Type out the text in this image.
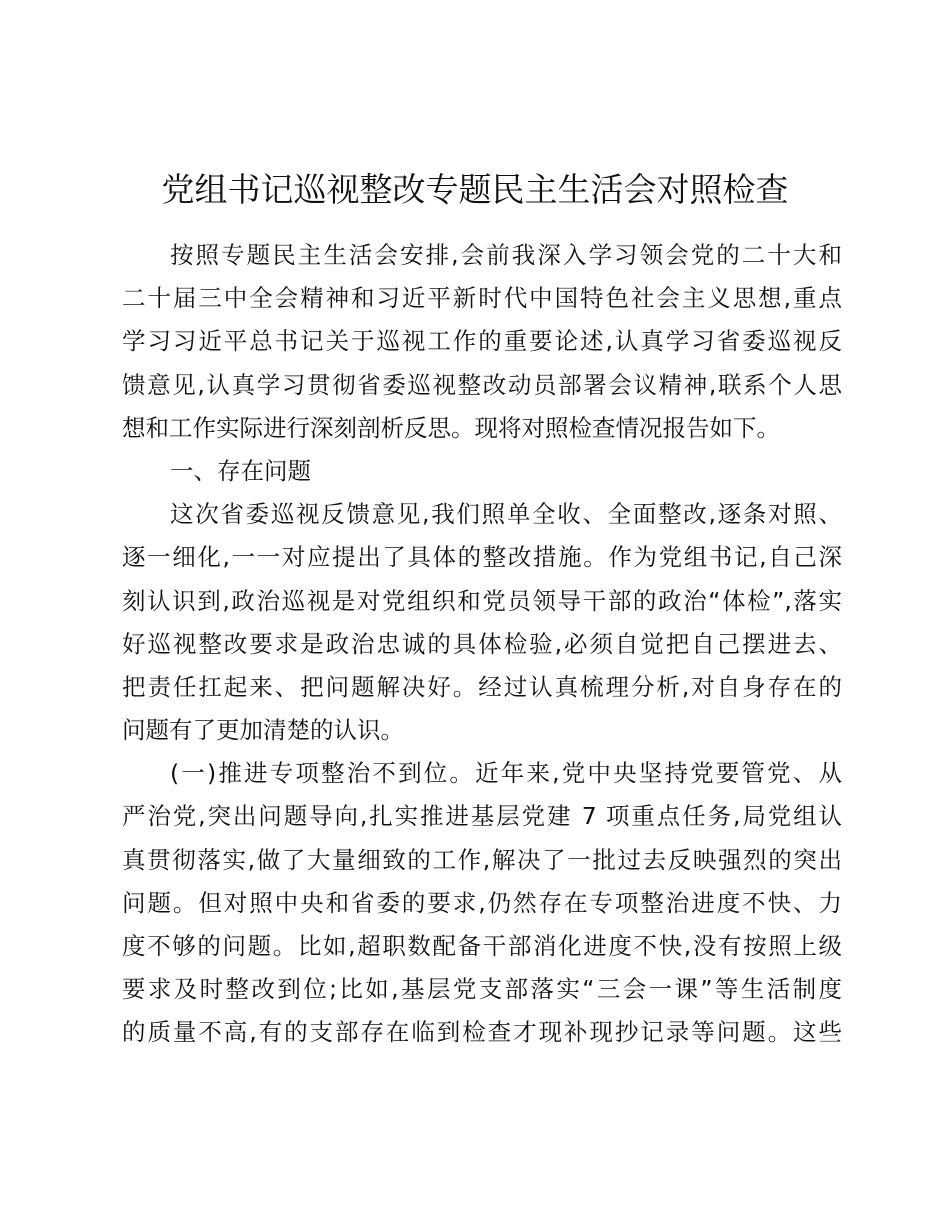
党组书记巡视整改专题民主生活会对照检查
按照专题民主生活会安排,会前我深入学习领会党的二十大和
二十届三中全会精神和习近平新时代中国特色社会主义思想,重点
学习习近平总书记关于巡视工作的重要论述,认真学习省委巡视反
馈意见,认真学习贯彻省委巡视整改动员部署会议精神,联系个人思
想和工作实际进行深刻剖析反思。现将对照检查情况报告如下。
一、存在问题
这次省委巡视反馈意见,我们照单全收、全面整改,逐条对照、
逐一细化,一一对应提出了具体的整改措施。作为党组书记,自己深
刻认识到,政治巡视是对党组织和党员领导干部的政治“体检”,落实
好巡视整改要求是政治忠诚的具体检验,必须自觉把自己摆进去、
把责任扛起来、把问题解决好。经过认真梳理分析,对自身存在的
问题有了更加清楚的认识。
(一)推进专项整治不到位。近年来,党中央坚持党要管党、从
严治党,突出问题导向,扎实推进基层党建 7 项重点任务,局党组认
真贯彻落实,做了大量细致的工作,解决了一批过去反映强烈的突出
问题。但对照中央和省委的要求,仍然存在专项整治进度不快、力
度不够的问题。比如,超职数配备干部消化进度不快,没有按照上级
要求及时整改到位;比如,基层党支部落实“三会一课”等生活制度
的质量不高,有的支部存在临到检查才现补现抄记录等问题。这些
